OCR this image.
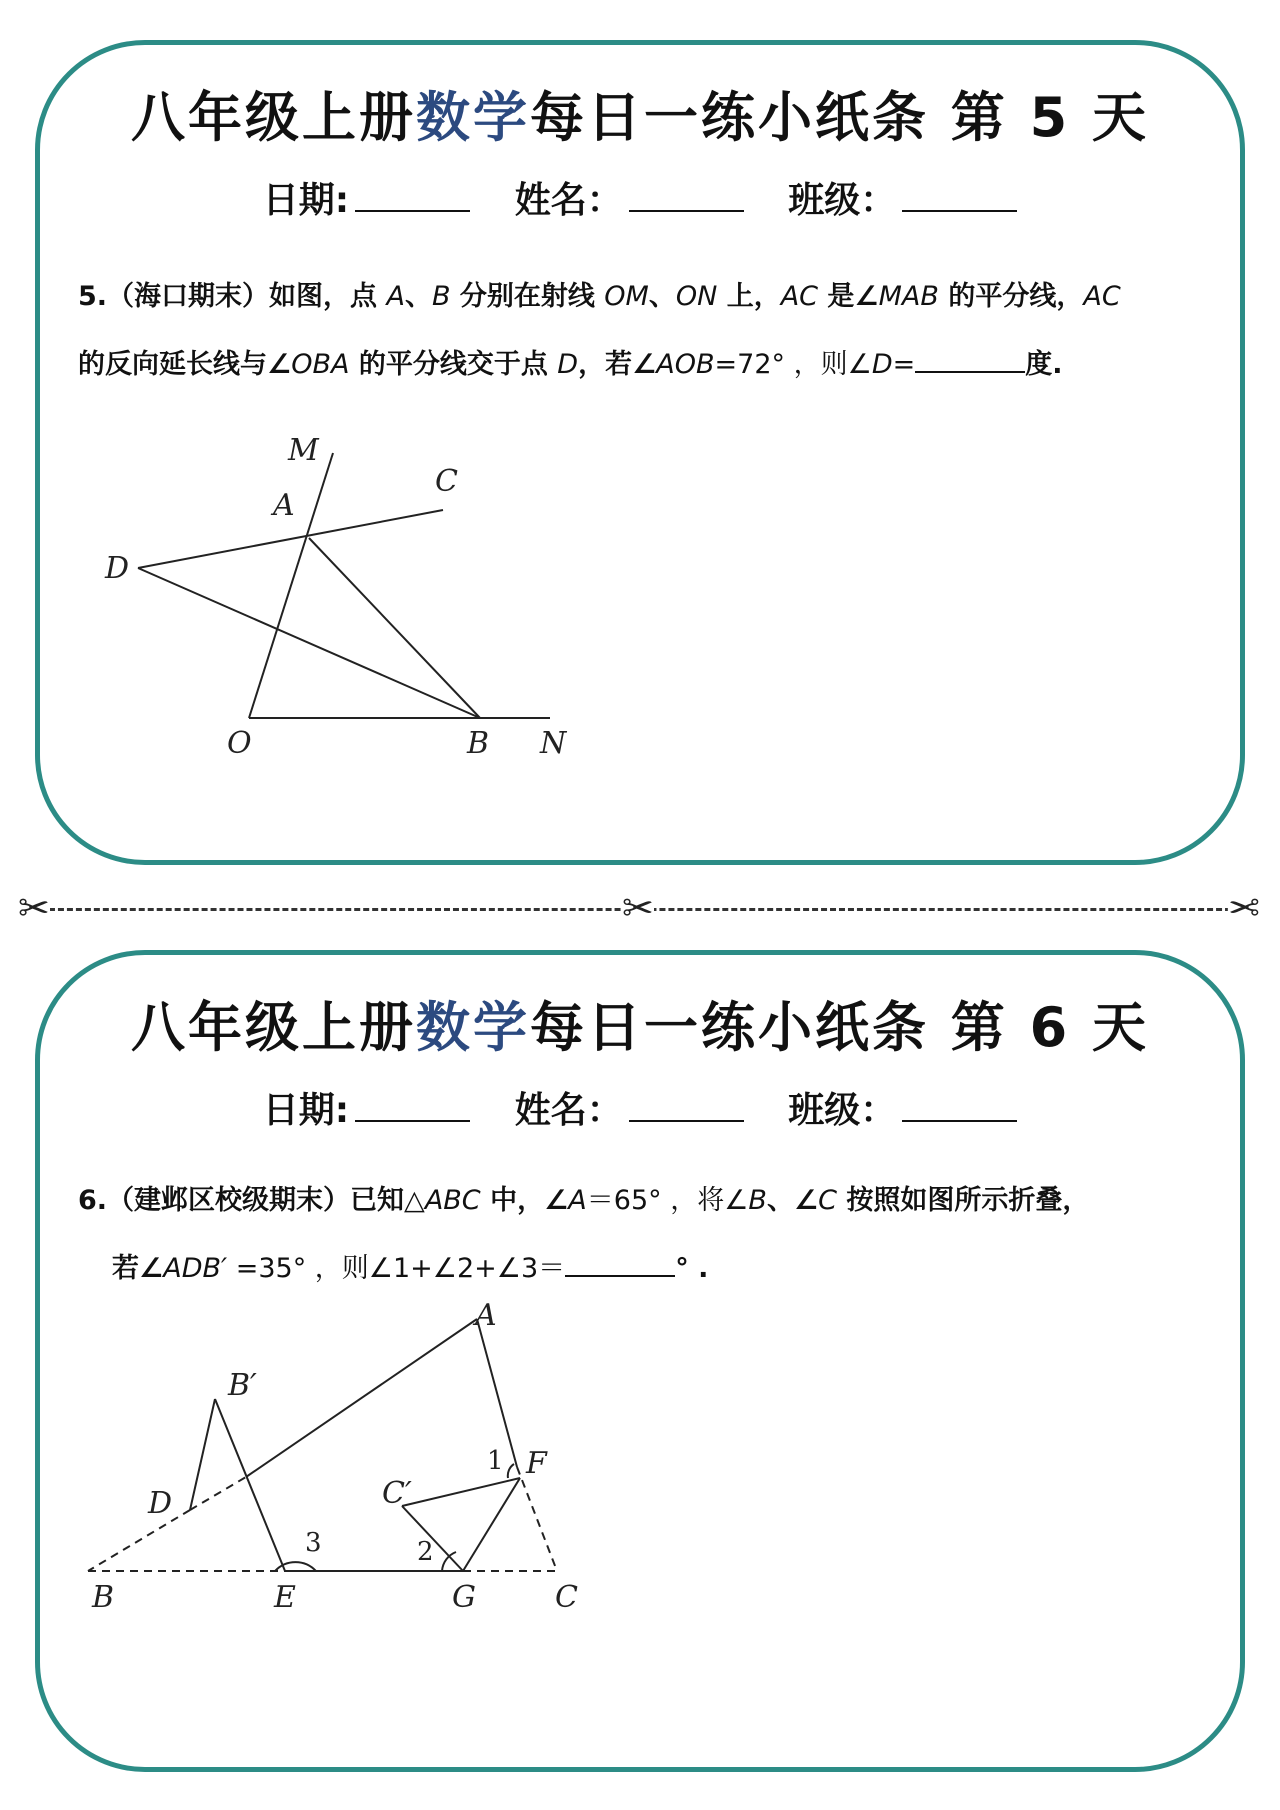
八年级上册数学每日一练小纸条 第 5 天
日期:	姓名：	班级：
5.（海口期末）如图，点 A、B 分别在射线 OM、ON 上，AC 是∠MAB 的平分线，AC
的反向延长线与∠OBA 的平分线交于点 D，若∠AOB=72° ，则∠D=	度.
M
C
A
D
O	B N
✂	✂	✂
八年级上册数学每日一练小纸条 第 6 天
日期:	姓名：	班级：
6.（建邺区校级期末）已知△ABC 中，∠A＝65° ，将∠B、∠C 按照如图所示折叠，
若∠ADB′ =35° ，则∠1+∠2+∠3＝	° .
A
B′
D
B	E
C′
G	C
F
1
2
3
